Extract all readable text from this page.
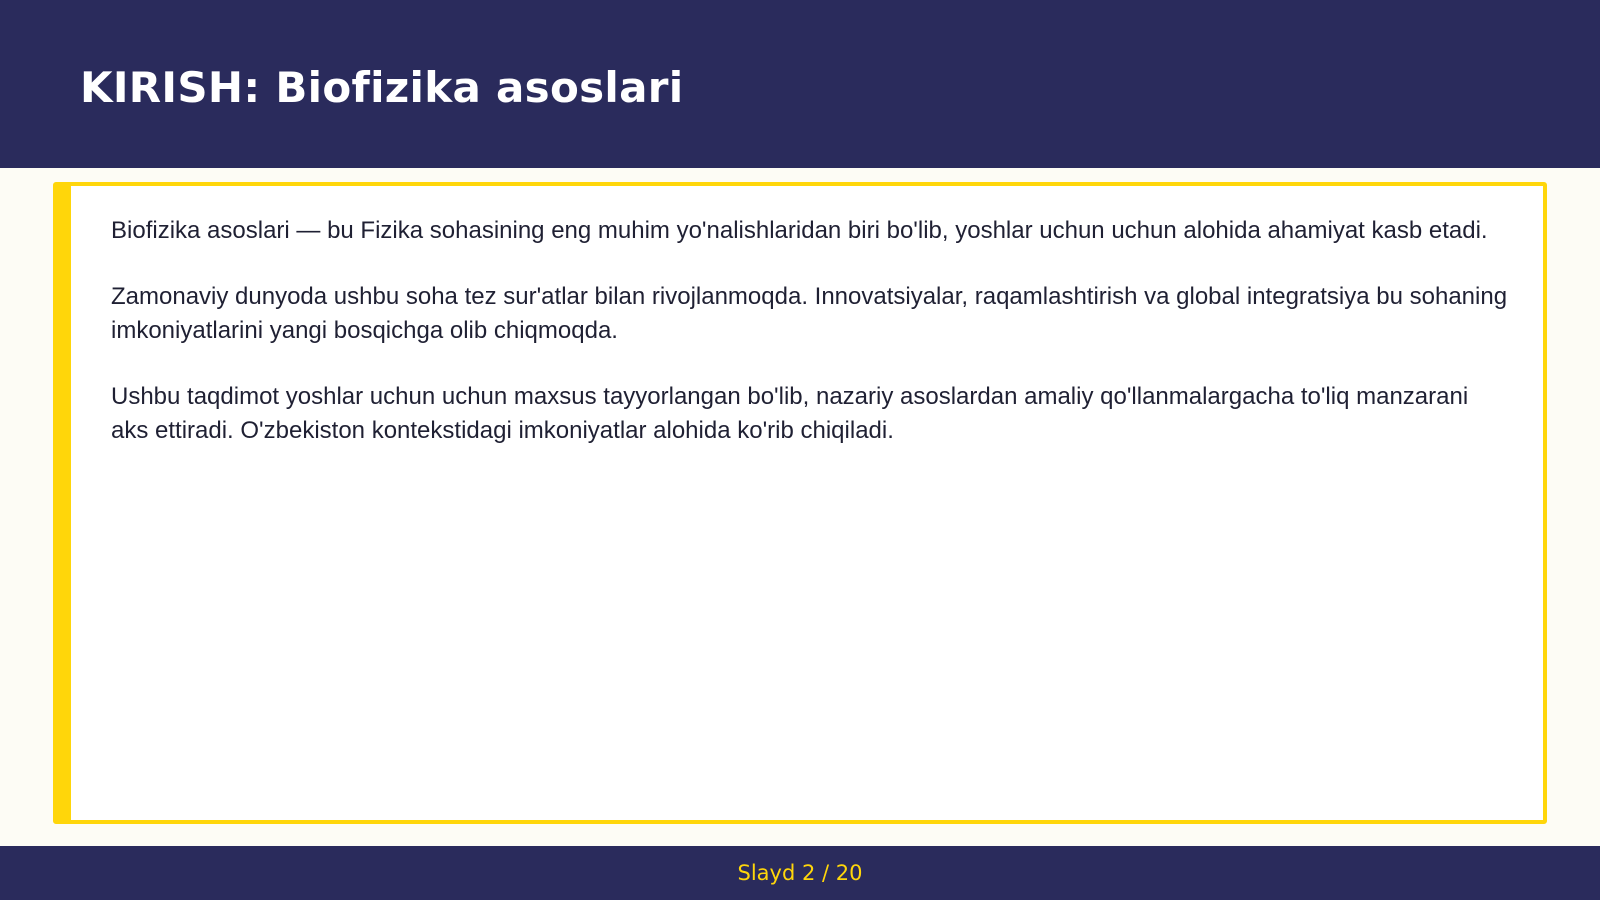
KIRISH: Biofizika asoslari

Biofizika asoslari — bu Fizika sohasining eng muhim yo'nalishlaridan biri bo'lib, yoshlar uchun uchun alohida ahamiyat kasb etadi.

Zamonaviy dunyoda ushbu soha tez sur'atlar bilan rivojlanmoqda. Innovatsiyalar, raqamlashtirish va global integratsiya bu sohaning imkoniyatlarini yangi bosqichga olib chiqmoqda.

Ushbu taqdimot yoshlar uchun uchun maxsus tayyorlangan bo'lib, nazariy asoslardan amaliy qo'llanmalargacha to'liq manzarani aks ettiradi. O'zbekiston kontekstidagi imkoniyatlar alohida ko'rib chiqiladi.

Slayd 2 / 20
